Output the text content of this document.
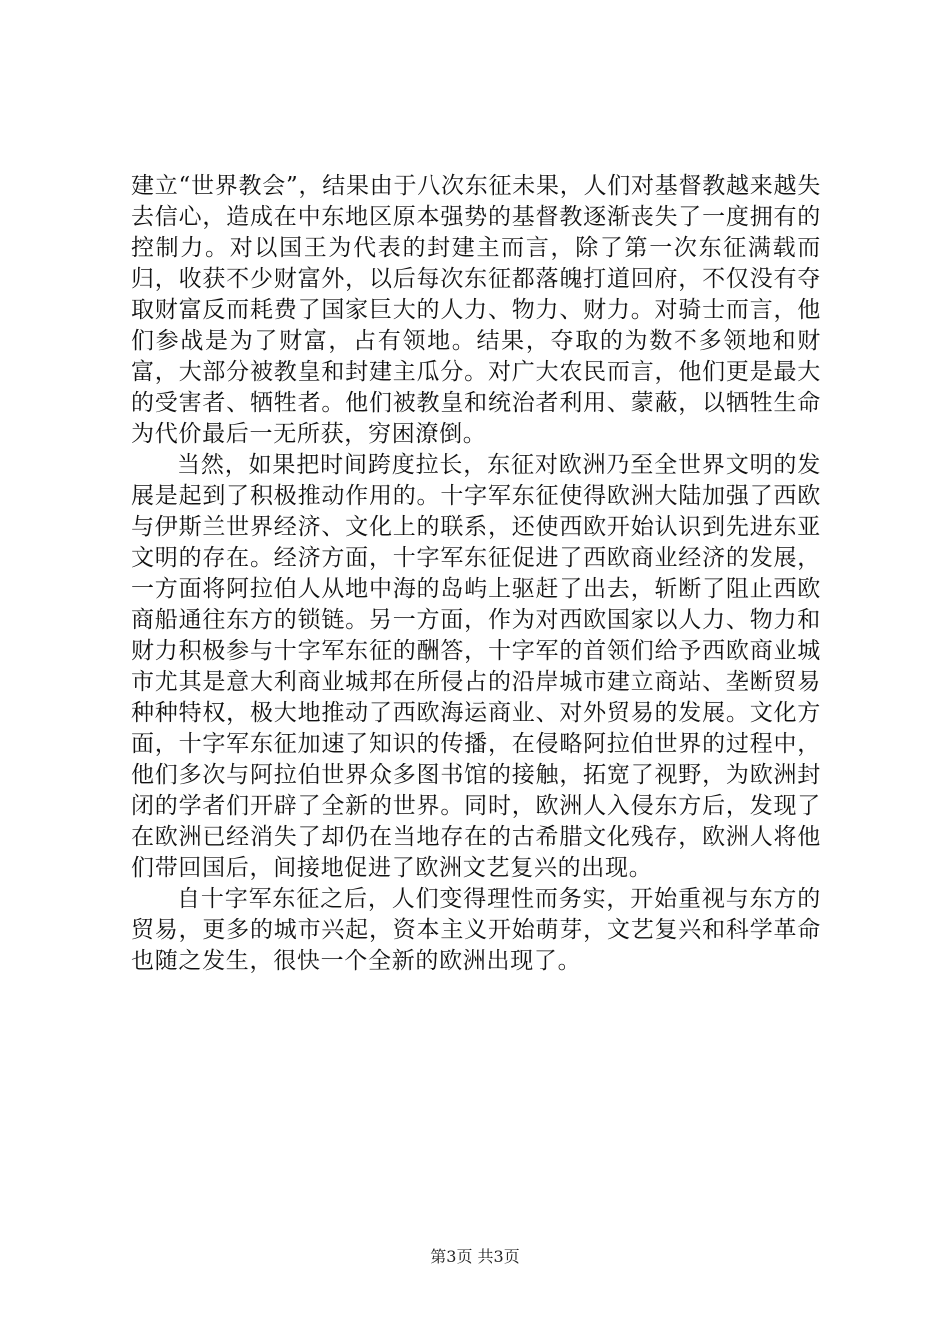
建立“世界教会”，结果由于八次东征未果，人们对基督教越来越失去信心，造成在中东地区原本强势的基督教逐渐丧失了一度拥有的控制力。对以国王为代表的封建主而言，除了第一次东征满载而归，收获不少财富外，以后每次东征都落魄打道回府，不仅没有夺取财富反而耗费了国家巨大的人力、物力、财力。对骑士而言，他们参战是为了财富，占有领地。结果，夺取的为数不多领地和财富，大部分被教皇和封建主瓜分。对广大农民而言，他们更是最大的受害者、牺牲者。他们被教皇和统治者利用、蒙蔽，以牺牲生命为代价最后一无所获，穷困潦倒。

当然，如果把时间跨度拉长，东征对欧洲乃至全世界文明的发展是起到了积极推动作用的。十字军东征使得欧洲大陆加强了西欧与伊斯兰世界经济、文化上的联系，还使西欧开始认识到先进东亚文明的存在。经济方面，十字军东征促进了西欧商业经济的发展，一方面将阿拉伯人从地中海的岛屿上驱赶了出去，斩断了阻止西欧商船通往东方的锁链。另一方面，作为对西欧国家以人力、物力和财力积极参与十字军东征的酬答，十字军的首领们给予西欧商业城市尤其是意大利商业城邦在所侵占的沿岸城市建立商站、垄断贸易种种特权，极大地推动了西欧海运商业、对外贸易的发展。文化方面，十字军东征加速了知识的传播，在侵略阿拉伯世界的过程中，他们多次与阿拉伯世界众多图书馆的接触，拓宽了视野，为欧洲封闭的学者们开辟了全新的世界。同时，欧洲人入侵东方后，发现了在欧洲已经消失了却仍在当地存在的古希腊文化残存，欧洲人将他们带回国后，间接地促进了欧洲文艺复兴的出现。

自十字军东征之后，人们变得理性而务实，开始重视与东方的贸易，更多的城市兴起，资本主义开始萌芽，文艺复兴和科学革命也随之发生，很快一个全新的欧洲出现了。

第3页 共3页
